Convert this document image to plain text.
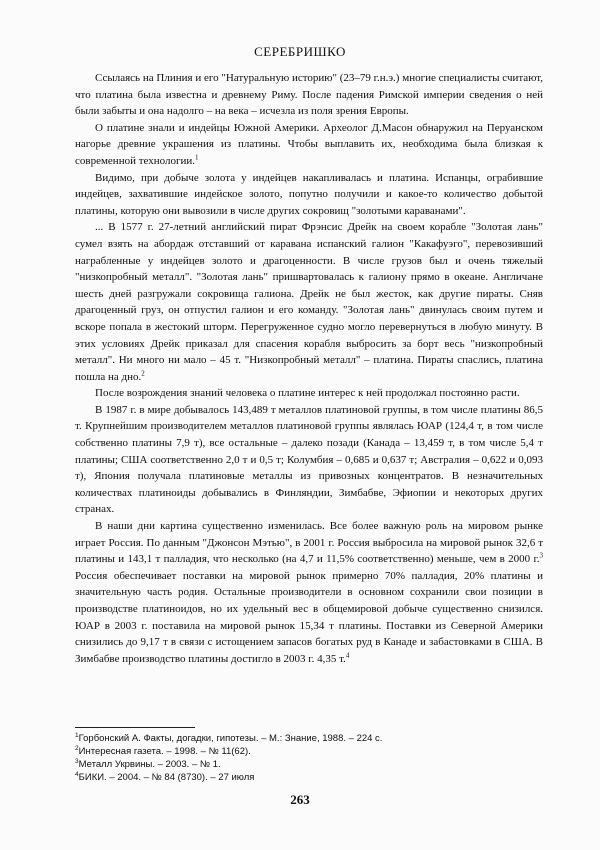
СЕРЕБРИШКО

Ссылаясь на Плиния и его "Натуральную историю" (23–79 г.н.э.) многие специалисты считают, что платина была известна и древнему Риму. После падения Римской империи сведения о ней были забыты и она надолго – на века – исчезла из поля зрения Европы.

О платине знали и индейцы Южной Америки. Археолог Д.Масон обнаружил на Перуанском нагорье древние украшения из платины. Чтобы выплавить их, необходима была близкая к современной технологии.$^1$

Видимо, при добыче золота у индейцев накапливалась и платина. Испанцы, ограбившие индейцев, захватившие индейское золото, попутно получили и какое-то количество добытой платины, которую они вывозили в числе других сокровищ "золотыми караванами".

... В 1577 г. 27-летний английский пират Фрэнсис Дрейк на своем корабле "Золотая лань" сумел взять на абордаж отставший от каравана испанский галион "Какафуэго", перевозивший награбленные у индейцев золото и драгоценности. В числе грузов был и очень тяжелый "низкопробный металл". "Золотая лань" пришвартовалась к галиону прямо в океане. Англичане шесть дней разгружали сокровища галиона. Дрейк не был жесток, как другие пираты. Сняв драгоценный груз, он отпустил галион и его команду. "Золотая лань" двинулась своим путем и вскоре попала в жестокий шторм. Перегруженное судно могло перевернуться в любую минуту. В этих условиях Дрейк приказал для спасения корабля выбросить за борт весь "низкопробный металл". Ни много ни мало – 45 т. "Низкопробный металл" – платина. Пираты спаслись, платина пошла на дно.$^2$

После возрождения знаний человека о платине интерес к ней продолжал постоянно расти.

В 1987 г. в мире добывалось 143,489 т металлов платиновой группы, в том числе платины 86,5 т. Крупнейшим производителем металлов платиновой группы являлась ЮАР (124,4 т, в том числе собственно платины 7,9 т), все остальные – далеко позади (Канада – 13,459 т, в том числе 5,4 т платины; США соответственно 2,0 т и 0,5 т; Колумбия – 0,685 и 0,637 т; Австралия – 0,622 и 0,093 т), Япония получала платиновые металлы из привозных концентратов. В незначительных количествах платиноиды добывались в Финляндии, Зимбабве, Эфиопии и некоторых других странах.

В наши дни картина существенно изменилась. Все более важную роль на мировом рынке играет Россия. По данным "Джонсон Мэтью", в 2001 г. Россия выбросила на мировой рынок 32,6 т платины и 143,1 т палладия, что несколько (на 4,7 и 11,5% соответственно) меньше, чем в 2000 г.$^3$ Россия обеспечивает поставки на мировой рынок примерно 70% палладия, 20% платины и значительную часть родия. Остальные производители в основном сохранили свои позиции в производстве платиноидов, но их удельный вес в общемировой добыче существенно снизился. ЮАР в 2003 г. поставила на мировой рынок 15,34 т платины. Поставки из Северной Америки снизились до 9,17 т в связи с истощением запасов богатых руд в Канаде и забастовками в США. В Зимбабве производство платины достигло в 2003 г. 4,35 т.$^4$

$^1$Горбонский А. Факты, догадки, гипотезы. – М.: Знание, 1988. – 224 с.

$^2$Интересная газета. – 1998. – № 11(62).

$^3$Металл Укрвины. – 2003. – № 1.

$^4$БИКИ. – 2004. – № 84 (8730). – 27 июля

263
